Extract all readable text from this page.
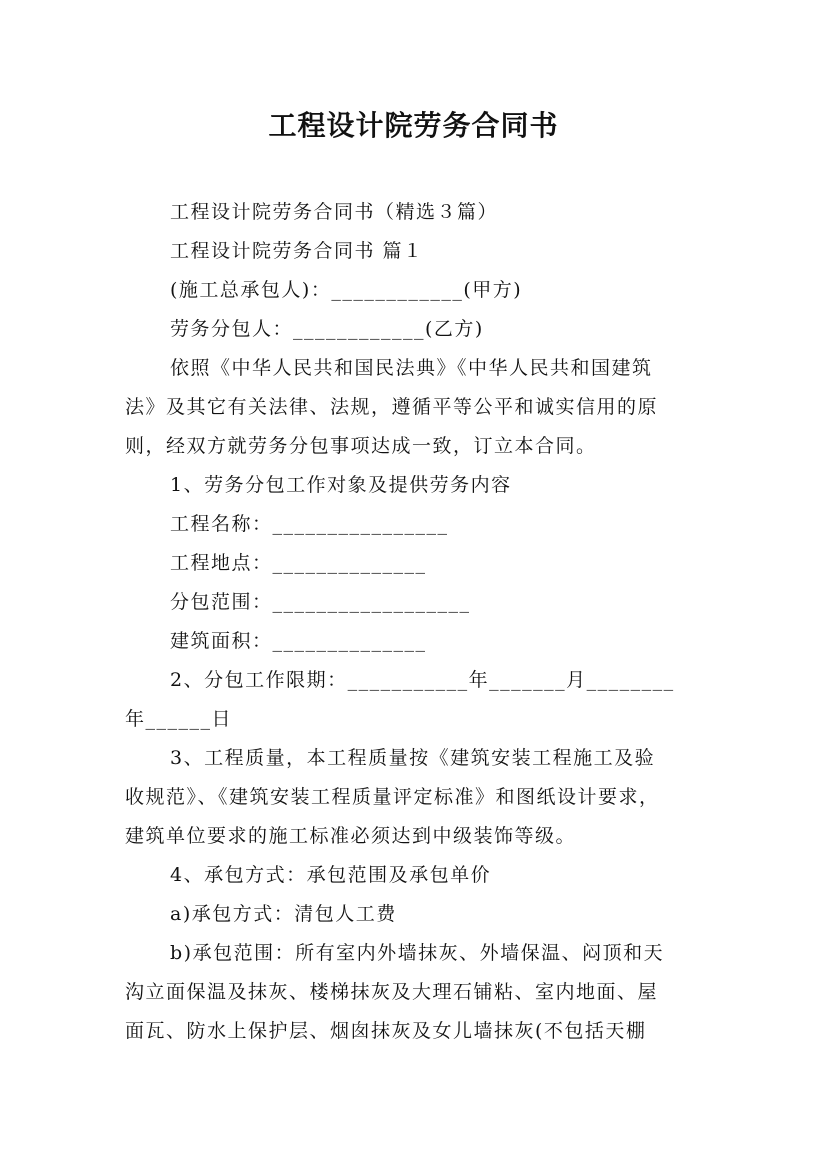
工程设计院劳务合同书
工程设计院劳务合同书（精选３篇）
工程设计院劳务合同书 篇１
(施工总承包人)：____________(甲方)
劳务分包人：____________(乙方)
依照《中华人民共和国民法典》《中华人民共和国建筑
法》及其它有关法律、法规，遵循平等公平和诚实信用的原
则，经双方就劳务分包事项达成一致，订立本合同。
1、劳务分包工作对象及提供劳务内容
工程名称：________________
工程地点：______________
分包范围：__________________
建筑面积：______________
2、分包工作限期：___________年_______月________
年______日
3、工程质量，本工程质量按《建筑安装工程施工及验
收规范》、《建筑安装工程质量评定标准》和图纸设计要求，
建筑单位要求的施工标准必须达到中级装饰等级。
4、承包方式：承包范围及承包单价
a)承包方式：清包人工费
b)承包范围：所有室内外墙抹灰、外墙保温、闷顶和天
沟立面保温及抹灰、楼梯抹灰及大理石铺粘、室内地面、屋
面瓦、防水上保护层、烟囱抹灰及女儿墙抹灰(不包括天棚
